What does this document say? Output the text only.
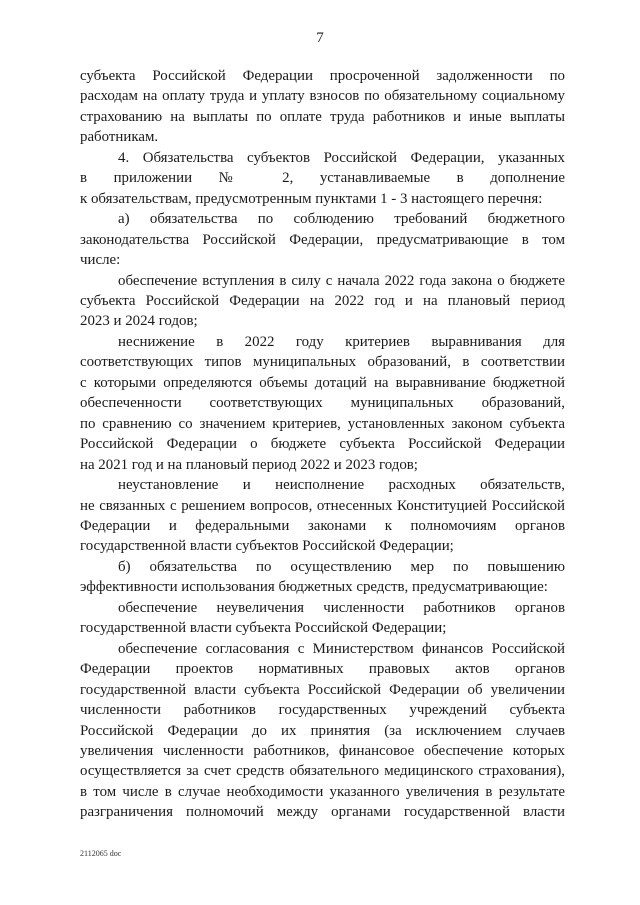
7

субъекта Российской Федерации просроченной задолженности по
расходам на оплату труда и уплату взносов по обязательному социальному
страхованию на выплаты по оплате труда работников и иные выплаты
работникам.

4. Обязательства субъектов Российской Федерации, указанных
в приложении № 2, устанавливаемые в дополнение
к обязательствам, предусмотренным пунктами 1 - 3 настоящего перечня:

а) обязательства по соблюдению требований бюджетного
законодательства Российской Федерации, предусматривающие в том
числе:

обеспечение вступления в силу с начала 2022 года закона о бюджете
субъекта Российской Федерации на 2022 год и на плановый период
2023 и 2024 годов;

неснижение в 2022 году критериев выравнивания для
соответствующих типов муниципальных образований, в соответствии
с которыми определяются объемы дотаций на выравнивание бюджетной
обеспеченности соответствующих муниципальных образований,
по сравнению со значением критериев, установленных законом субъекта
Российской Федерации о бюджете субъекта Российской Федерации
на 2021 год и на плановый период 2022 и 2023 годов;

неустановление и неисполнение расходных обязательств,
не связанных с решением вопросов, отнесенных Конституцией Российской
Федерации и федеральными законами к полномочиям органов
государственной власти субъектов Российской Федерации;

б) обязательства по осуществлению мер по повышению
эффективности использования бюджетных средств, предусматривающие:

обеспечение неувеличения численности работников органов
государственной власти субъекта Российской Федерации;

обеспечение согласования с Министерством финансов Российской
Федерации проектов нормативных правовых актов органов
государственной власти субъекта Российской Федерации об увеличении
численности работников государственных учреждений субъекта
Российской Федерации до их принятия (за исключением случаев
увеличения численности работников, финансовое обеспечение которых
осуществляется за счет средств обязательного медицинского страхования),
в том числе в случае необходимости указанного увеличения в результате
разграничения полномочий между органами государственной власти

2112065 doc
